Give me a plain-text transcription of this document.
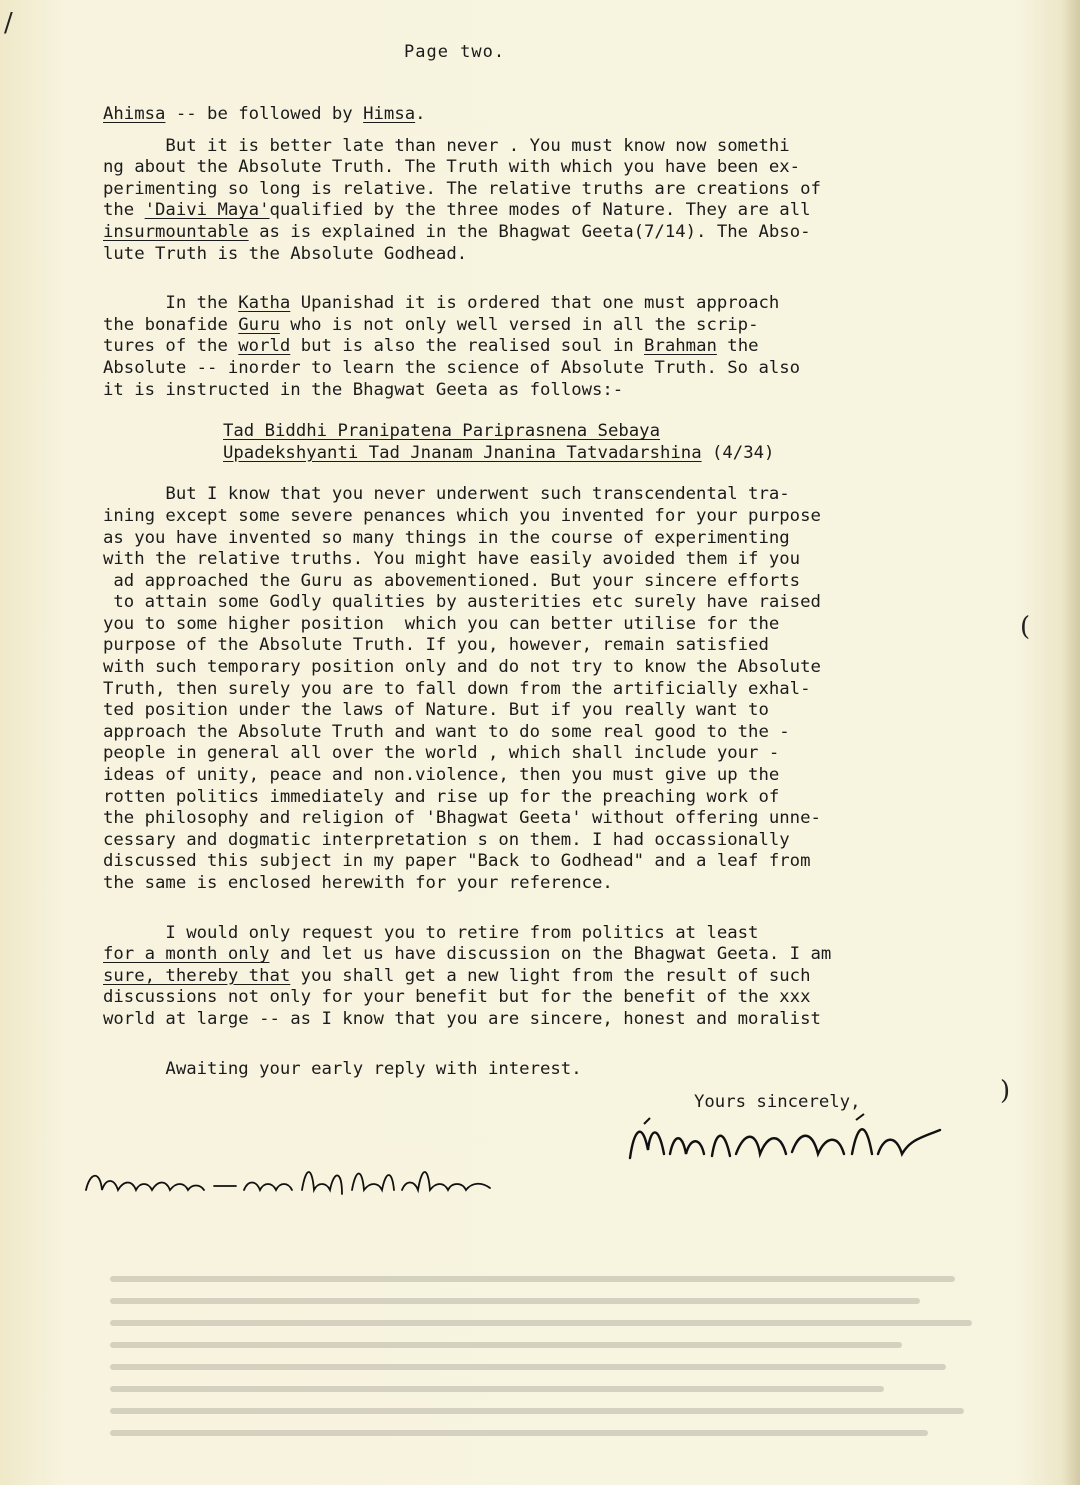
/
Page two.
Ahimsa -- be followed by Himsa.
But it is better late than never . You must know now somethi
ng about the Absolute Truth. The Truth with which you have been ex-
perimenting so long is relative. The relative truths are creations of
the 'Daivi Maya'qualified by the three modes of Nature. They are all
insurmountable as is explained in the Bhagwat Geeta(7/14). The Abso-
lute Truth is the Absolute Godhead.
In the Katha Upanishad it is ordered that one must approach
the bonafide Guru who is not only well versed in all the scrip-
tures of the world but is also the realised soul in Brahman the
Absolute -- inorder to learn the science of Absolute Truth. So also
it is instructed in the Bhagwat Geeta as follows:-
Tad Biddhi Pranipatena Pariprasnena Sebaya
Upadekshyanti Tad Jnanam Jnanina Tatvadarshina (4/34)
But I know that you never underwent such transcendental tra-
ining except some severe penances which you invented for your purpose
as you have invented so many things in the course of experimenting
with the relative truths. You might have easily avoided them if you
ad approached the Guru as abovementioned. But your sincere efforts
to attain some Godly qualities by austerities etc surely have raised
you to some higher position  which you can better utilise for the
purpose of the Absolute Truth. If you, however, remain satisfied
with such temporary position only and do not try to know the Absolute
Truth, then surely you are to fall down from the artificially exhal-
ted position under the laws of Nature. But if you really want to
approach the Absolute Truth and want to do some real good to the -
people in general all over the world , which shall include your -
ideas of unity, peace and non.violence, then you must give up the
rotten politics immediately and rise up for the preaching work of
the philosophy and religion of 'Bhagwat Geeta' without offering unne-
cessary and dogmatic interpretation s on them. I had occassionally
discussed this subject in my paper "Back to Godhead" and a leaf from
the same is enclosed herewith for your reference.
I would only request you to retire from politics at least
for a month only and let us have discussion on the Bhagwat Geeta. I am
sure, thereby that you shall get a new light from the result of such
discussions not only for your benefit but for the benefit of the xxx
world at large -- as I know that you are sincere, honest and moralist
Awaiting your early reply with interest.
Yours sincerely,
(
)
